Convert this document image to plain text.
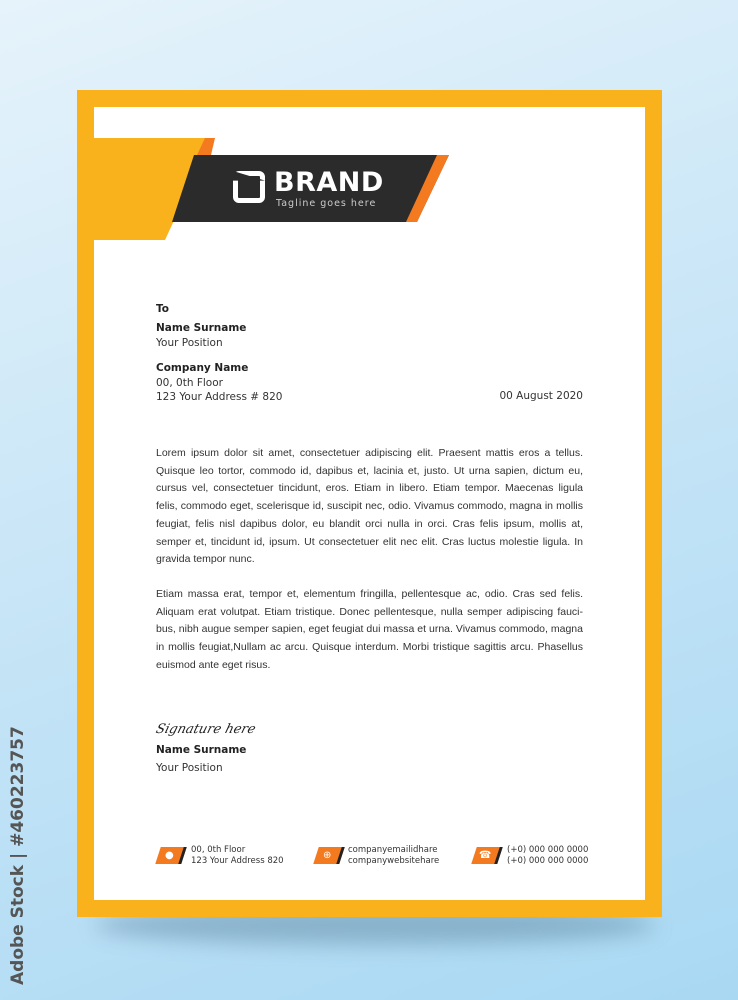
BRAND
Tagline goes here
To
Name Surname
Your Position
Company Name
00, 0th Floor
123 Your Address # 820	00 August 2020

Lorem ipsum dolor sit amet, consectetuer adipiscing elit. Praesent mattis eros a tellus. Quisque leo tortor, commodo id, dapibus et, lacinia et, justo. Ut urna sapien, dictum eu, cursus vel, consectetuer tincidunt, eros. Etiam in libero. Etiam tempor. Maecenas ligula felis, commodo eget, scelerisque id, suscipit nec, odio. Vivamus commodo, magna in mollis feugiat, felis nisl dapibus dolor, eu blandit orci nulla in orci. Cras felis ipsum, mollis at, semper et, tincidunt id, ipsum. Ut consectetuer elit nec elit. Cras luctus molestie ligula. In gravida tempor nunc.

Etiam massa erat, tempor et, elementum fringilla, pellentesque ac, odio. Cras sed felis. Aliquam erat volutpat. Etiam tristique. Donec pellentesque, nulla semper adipiscing fauci-bus, nibh augue semper sapien, eget feugiat dui massa et urna. Vivamus commodo, magna in mollis feugiat,Nullam ac arcu. Quisque interdum. Morbi tristique sagittis arcu. Phasellus euismod ante eget risus.

Signature here
Name Surname
Your Position
●	00, 0th Floor
123 Your Address 820	⊕	companyemailidhare
companywebsitehare	☎	(+0) 000 000 0000
(+0) 000 000 0000
Adobe Stock | #460223757
